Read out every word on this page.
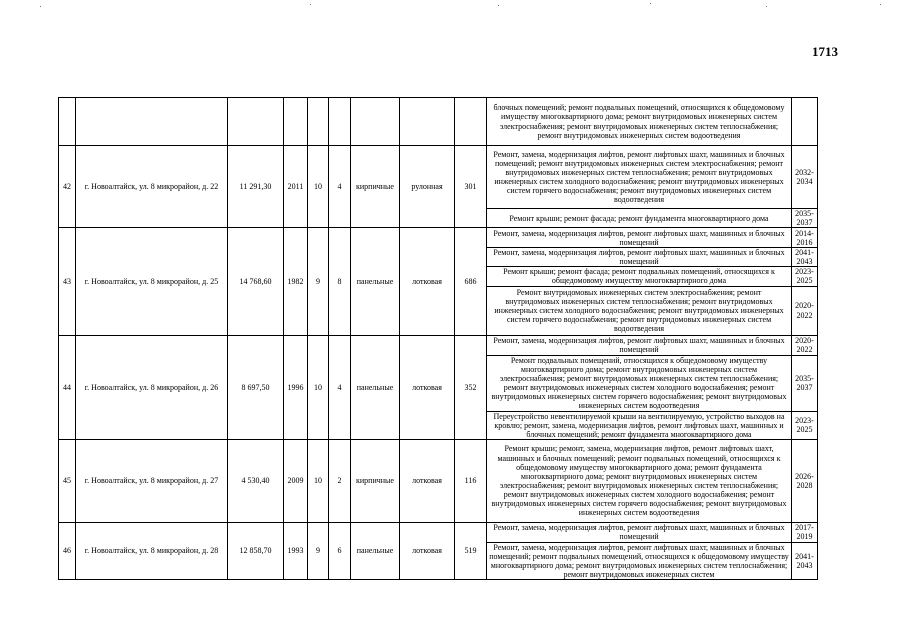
1713
									блочных помещений; ремонт подвальных помещений, относящихся к общедомовому имуществу многоквартирного дома; ремонт внутридомовых инженерных систем электроснабжения; ремонт внутридомовых инженерных систем теплоснабжения; ремонт внутридомовых инженерных систем водоотведения	
42	г. Новоалтайск, ул. 8 микрорайон, д. 22	11 291,30	2011	10	4	кирпичные	рулонная	301	Ремонт, замена, модернизация лифтов, ремонт лифтовых шахт, машинных и блочных помещений; ремонт внутридомовых инженерных систем электроснабжения; ремонт внутридомовых инженерных систем теплоснабжения; ремонт внутридомовых инженерных систем холодного водоснабжения; ремонт внутридомовых инженерных систем горячего водоснабжения; ремонт внутридомовых инженерных систем водоотведения	2032-2034
									Ремонт крыши; ремонт фасада; ремонт фундамента многоквартирного дома	2035-2037
43	г. Новоалтайск, ул. 8 микрорайон, д. 25	14 768,60	1982	9	8	панельные	лотковая	686	Ремонт, замена, модернизация лифтов, ремонт лифтовых шахт, машинных и блочных помещений	2014-2016
									Ремонт, замена, модернизация лифтов, ремонт лифтовых шахт, машинных и блочных помещений	2041-2043
									Ремонт крыши; ремонт фасада; ремонт подвальных помещений, относящихся к общедомовому имуществу многоквартирного дома	2023-2025
									Ремонт внутридомовых инженерных систем электроснабжения; ремонт внутридомовых инженерных систем теплоснабжения; ремонт внутридомовых инженерных систем холодного водоснабжения; ремонт внутридомовых инженерных систем горячего водоснабжения; ремонт внутридомовых инженерных систем водоотведения	2020-2022
44	г. Новоалтайск, ул. 8 микрорайон, д. 26	8 697,50	1996	10	4	панельные	лотковая	352	Ремонт, замена, модернизация лифтов, ремонт лифтовых шахт, машинных и блочных помещений	2020-2022
									Ремонт подвальных помещений, относящихся к общедомовому имуществу многоквартирного дома; ремонт внутридомовых инженерных систем электроснабжения; ремонт внутридомовых инженерных систем теплоснабжения; ремонт внутридомовых инженерных систем холодного водоснабжения; ремонт внутридомовых инженерных систем горячего водоснабжения; ремонт внутридомовых инженерных систем водоотведения	2035-2037
									Переустройство невентилируемой крыши на вентилируемую, устройство выходов на кровлю; ремонт, замена, модернизация лифтов, ремонт лифтовых шахт, машинных и блочных помещений; ремонт фундамента многоквартирного дома	2023-2025
45	г. Новоалтайск, ул. 8 микрорайон, д. 27	4 530,40	2009	10	2	кирпичные	лотковая	116	Ремонт крыши; ремонт, замена, модернизация лифтов, ремонт лифтовых шахт, машинных и блочных помещений; ремонт подвальных помещений, относящихся к общедомовому имуществу многоквартирного дома; ремонт фундамента многоквартирного дома; ремонт внутридомовых инженерных систем электроснабжения; ремонт внутридомовых инженерных систем теплоснабжения; ремонт внутридомовых инженерных систем холодного водоснабжения; ремонт внутридомовых инженерных систем горячего водоснабжения; ремонт внутридомовых инженерных систем водоотведения	2026-2028
46	г. Новоалтайск, ул. 8 микрорайон, д. 28	12 858,70	1993	9	6	панельные	лотковая	519	Ремонт, замена, модернизация лифтов, ремонт лифтовых шахт, машинных и блочных помещений	2017-2019
									Ремонт, замена, модернизация лифтов, ремонт лифтовых шахт, машинных и блочных помещений; ремонт подвальных помещений, относящихся к общедомовому имуществу многоквартирного дома; ремонт внутридомовых инженерных систем теплоснабжения; ремонт внутридомовых инженерных систем	2041-2043
